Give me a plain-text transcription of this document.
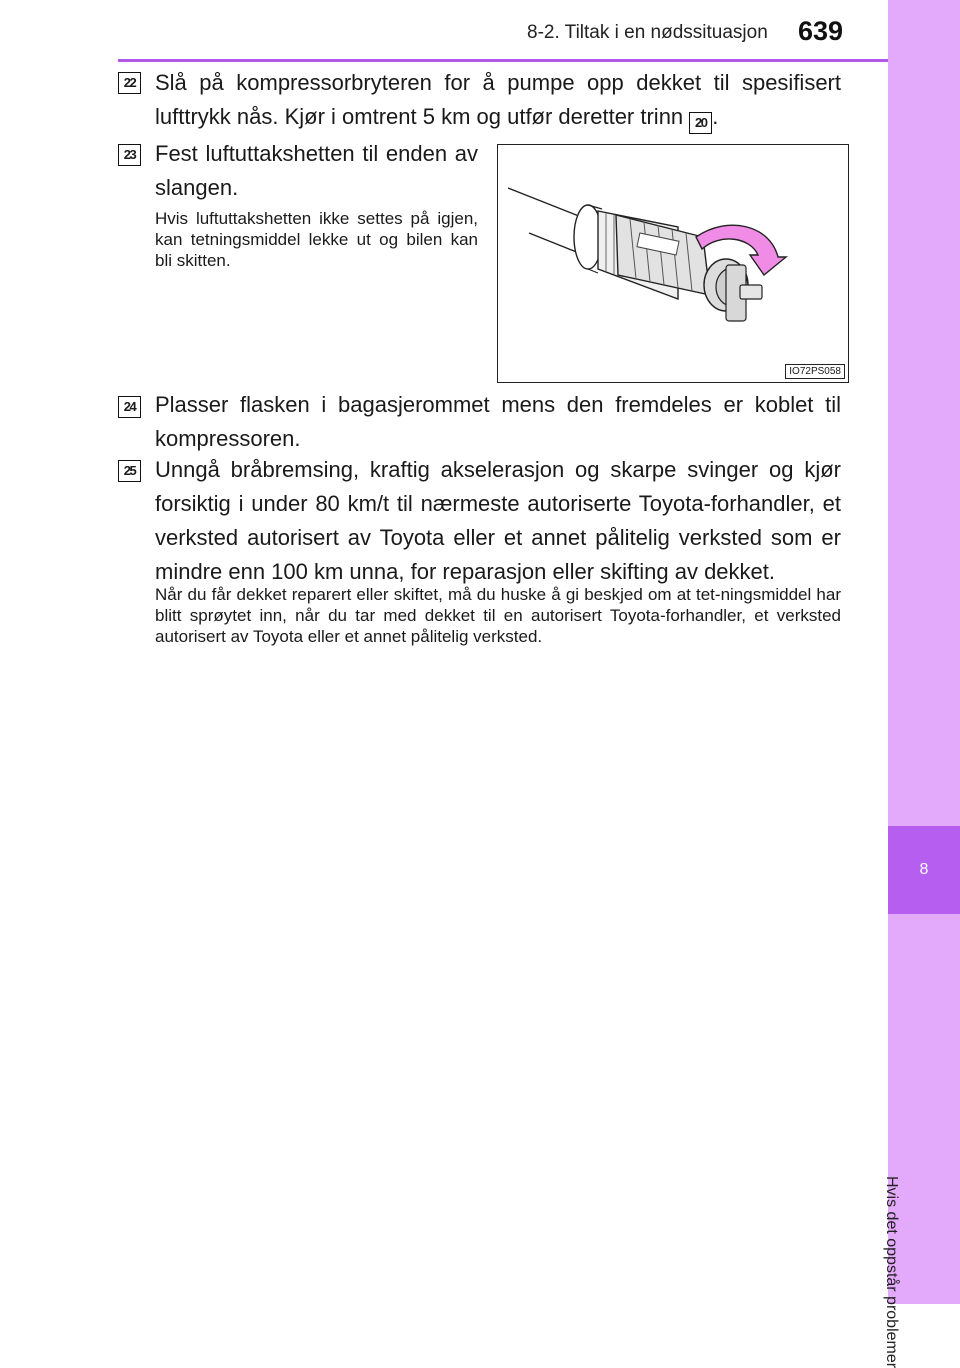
8-2. Tiltak i en nødssituasjon 639
8
Hvis det oppstår problemer
22 Slå på kompressorbryteren for å pumpe opp dekket til spesifisert lufttrykk nås. Kjør i omtrent 5 km og utfør deretter trinn 20 .
23 Fest luftuttakshetten til enden av slangen.
Hvis luftuttakshetten ikke settes på igjen, kan tetningsmiddel lekke ut og bilen kan bli skitten.
IO72PS058
24 Plasser flasken i bagasjerommet mens den fremdeles er koblet til kompressoren.
25 Unngå bråbremsing, kraftig akselerasjon og skarpe svinger og kjør forsiktig i under 80 km/t til nærmeste autoriserte Toyota-forhandler, et verksted autorisert av Toyota eller et annet pålitelig verksted som er mindre enn 100 km unna, for reparasjon eller skifting av dekket.
Når du får dekket reparert eller skiftet, må du huske å gi beskjed om at tet-ningsmiddel har blitt sprøytet inn, når du tar med dekket til en autorisert Toyota-forhandler, et verksted autorisert av Toyota eller et annet pålitelig verksted.
